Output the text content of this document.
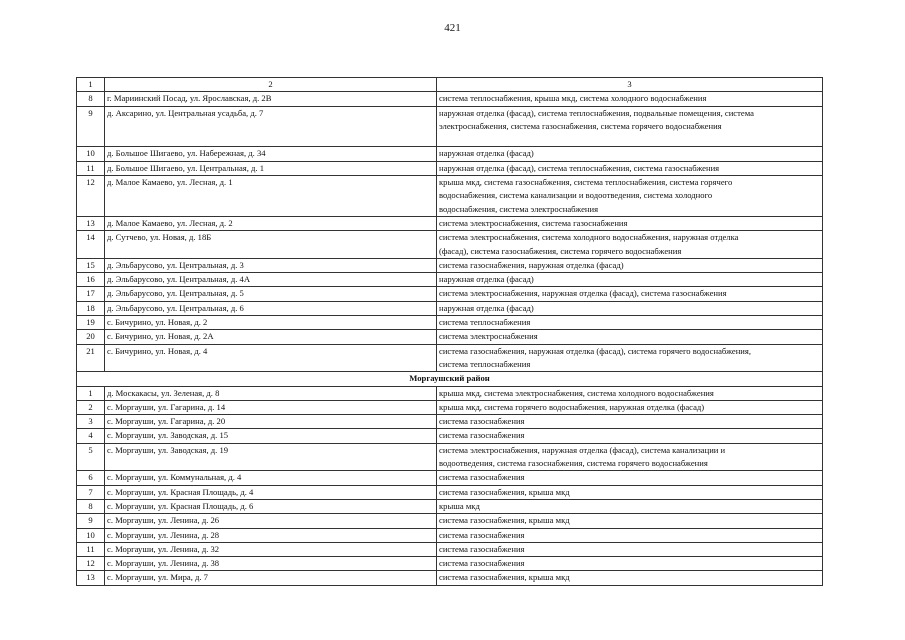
421
1	2	3
8	г. Мариинский Посад, ул. Ярославская, д. 2В	система теплоснабжения, крыша мкд, система холодного водоснабжения

9	д. Аксарино, ул. Центральная усадьба, д. 7	наружная отделка (фасад), система теплоснабжения, подвальные помещения, система
электроснабжения, система газоснабжения, система горячего водоснабжения

10	д. Большое Шигаево, ул. Набережная, д. 34	наружная отделка (фасад)

11	д. Большое Шигаево, ул. Центральная, д. 1	наружная отделка (фасад), система теплоснабжения, система газоснабжения

12	д. Малое Камаево, ул. Лесная, д. 1	крыша мкд, система газоснабжения, система теплоснабжения, система горячего
водоснабжения, система канализации и водоотведения, система холодного
водоснабжения, система электроснабжения

13	д. Малое Камаево, ул. Лесная, д. 2	система электроснабжения, система газоснабжения

14	д. Сутчево, ул. Новая, д. 18Б	система электроснабжения, система холодного водоснабжения, наружная отделка
(фасад), система газоснабжения, система горячего водоснабжения

15	д. Эльбарусово, ул. Центральная, д. 3	система газоснабжения, наружная отделка (фасад)

16	д. Эльбарусово, ул. Центральная, д. 4А	наружная отделка (фасад)

17	д. Эльбарусово, ул. Центральная, д. 5	система электроснабжения, наружная отделка (фасад), система газоснабжения

18	д. Эльбарусово, ул. Центральная, д. 6	наружная отделка (фасад)

19	с. Бичурино, ул. Новая, д. 2	система теплоснабжения

20	с. Бичурино, ул. Новая, д. 2А	система электроснабжения

21	с. Бичурино, ул. Новая, д. 4	система газоснабжения, наружная отделка (фасад), система горячего водоснабжения,
система теплоснабжения

Моргаушский район		
1	д. Москакасы, ул. Зеленая, д. 8	крыша мкд, система электроснабжения, система холодного водоснабжения

2	с. Моргауши, ул. Гагарина, д. 14	крыша мкд, система горячего водоснабжения, наружная отделка (фасад)

3	с. Моргауши, ул. Гагарина, д. 20	система газоснабжения

4	с. Моргауши, ул. Заводская, д. 15	система газоснабжения

5	с. Моргауши, ул. Заводская, д. 19	система электроснабжения, наружная отделка (фасад), система канализации и
водоотведения, система газоснабжения, система горячего водоснабжения

6	с. Моргауши, ул. Коммунальная, д. 4	система газоснабжения

7	с. Моргауши, ул. Красная Площадь, д. 4	система газоснабжения, крыша мкд

8	с. Моргауши, ул. Красная Площадь, д. 6	крыша мкд

9	с. Моргауши, ул. Ленина, д. 26	система газоснабжения, крыша мкд

10	с. Моргауши, ул. Ленина, д. 28	система газоснабжения

11	с. Моргауши, ул. Ленина, д. 32	система газоснабжения

12	с. Моргауши, ул. Ленина, д. 38	система газоснабжения

13	с. Моргауши, ул. Мира, д. 7	система газоснабжения, крыша мкд
